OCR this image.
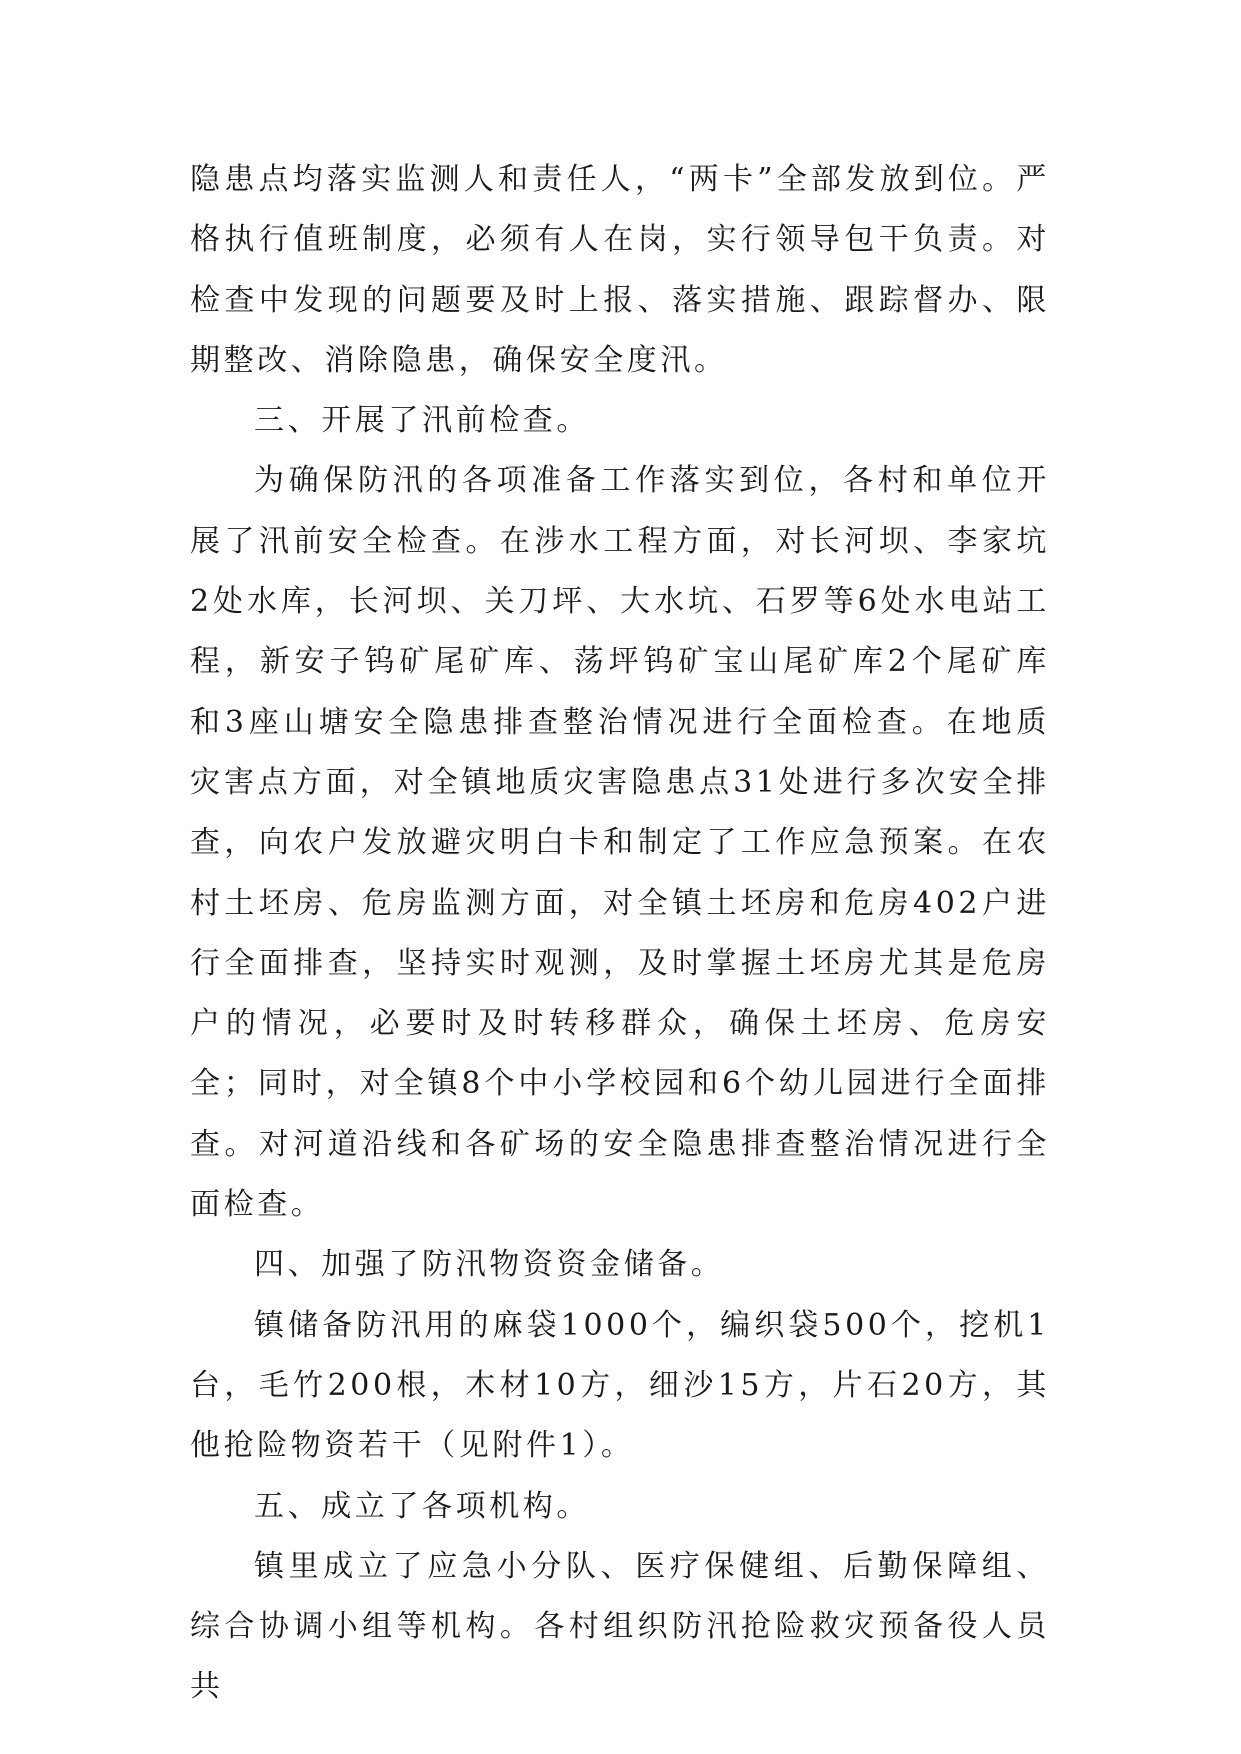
隐患点均落实监测人和责任人，“两卡”全部发放到位。严格执行值班制度，必须有人在岗，实行领导包干负责。对检查中发现的问题要及时上报、落实措施、跟踪督办、限期整改、消除隐患，确保安全度汛。

三、开展了汛前检查。

为确保防汛的各项准备工作落实到位，各村和单位开展了汛前安全检查。在涉水工程方面，对长河坝、李家坑2处水库，长河坝、关刀坪、大水坑、石罗等6处水电站工程，新安子钨矿尾矿库、荡坪钨矿宝山尾矿库2个尾矿库和3座山塘安全隐患排查整治情况进行全面检查。在地质灾害点方面，对全镇地质灾害隐患点31处进行多次安全排查，向农户发放避灾明白卡和制定了工作应急预案。在农村土坯房、危房监测方面，对全镇土坯房和危房402户进行全面排查，坚持实时观测，及时掌握土坯房尤其是危房户的情况，必要时及时转移群众，确保土坯房、危房安全；同时，对全镇8个中小学校园和6个幼儿园进行全面排查。对河道沿线和各矿场的安全隐患排查整治情况进行全面检查。

四、加强了防汛物资资金储备。

镇储备防汛用的麻袋1000个，编织袋500个，挖机1台，毛竹200根，木材10方，细沙15方，片石20方，其他抢险物资若干（见附件1）。

五、成立了各项机构。

镇里成立了应急小分队、医疗保健组、后勤保障组、综合协调小组等机构。各村组织防汛抢险救灾预备役人员共
